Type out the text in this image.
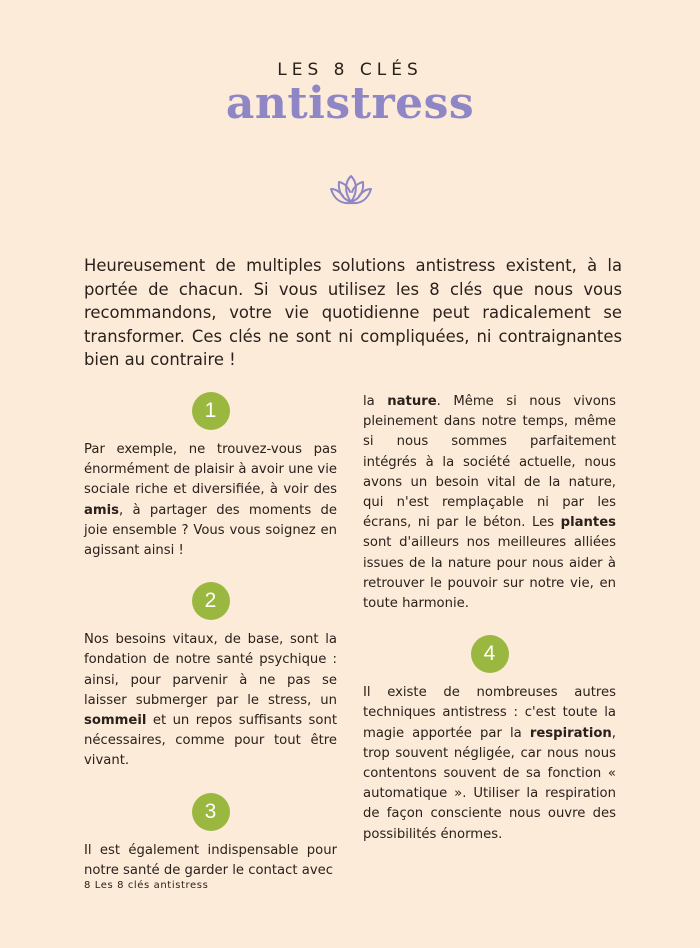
LES 8 CLÉS
antistress
Heureusement de multiples solutions antistress existent, à la portée de chacun. Si vous utilisez les 8 clés que nous vous recommandons, votre vie quotidienne peut radicalement se transformer. Ces clés ne sont ni compliquées, ni contraignantes bien au contraire !
1

Par exemple, ne trouvez-vous pas énormément de plaisir à avoir une vie sociale riche et diversifiée, à voir des amis, à partager des moments de joie ensemble ? Vous vous soignez en agissant ainsi !

2

Nos besoins vitaux, de base, sont la fondation de notre santé psychique : ainsi, pour parvenir à ne pas se laisser submerger par le stress, un sommeil et un repos suffisants sont nécessaires, comme pour tout être vivant.

3

Il est également indispensable pour notre santé de garder le contact avec

la nature. Même si nous vivons pleinement dans notre temps, même si nous sommes parfaitement intégrés à la société actuelle, nous avons un besoin vital de la nature, qui n'est remplaçable ni par les écrans, ni par le béton. Les plantes sont d'ailleurs nos meilleures alliées issues de la nature pour nous aider à retrouver le pouvoir sur notre vie, en toute harmonie.

4

Il existe de nombreuses autres techniques antistress : c'est toute la magie apportée par la respiration, trop souvent négligée, car nous nous contentons souvent de sa fonction « automatique ». Utiliser la respiration de façon consciente nous ouvre des possibilités énormes.

8 Les 8 clés antistress
